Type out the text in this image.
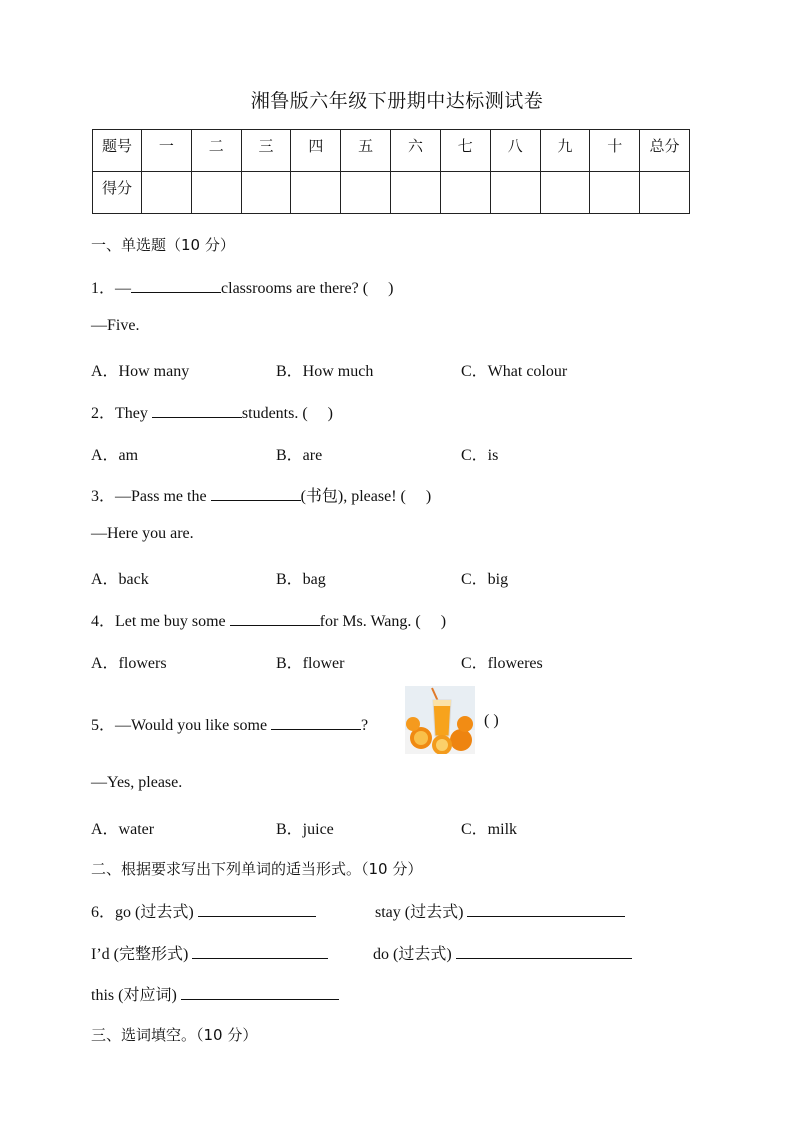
湘鲁版六年级下册期中达标测试卷
题号	一	二	三	四	五	六	七	八	九	十	总分
得分											
一、单选题（10 分）
1．—	classrooms are there? ( )
—Five.
A．How many	B．How much	C．What colour
2．They	students. ( )
A．am	B．are	C．is
3．—Pass me the	(书包), please! ( )
—Here you are.
A．back	B．bag	C．big
4．Let me buy some	for Ms. Wang. ( )
A．flowers	B．flower	C．floweres
5．—Would you like some	?	( )
—Yes, please.
A．water	B．juice	C．milk
二、根据要求写出下列单词的适当形式。（10 分）
6．go (过去式)	stay (过去式)
I’d (完整形式)	do (过去式)
this (对应词)
三、选词填空。（10 分）
